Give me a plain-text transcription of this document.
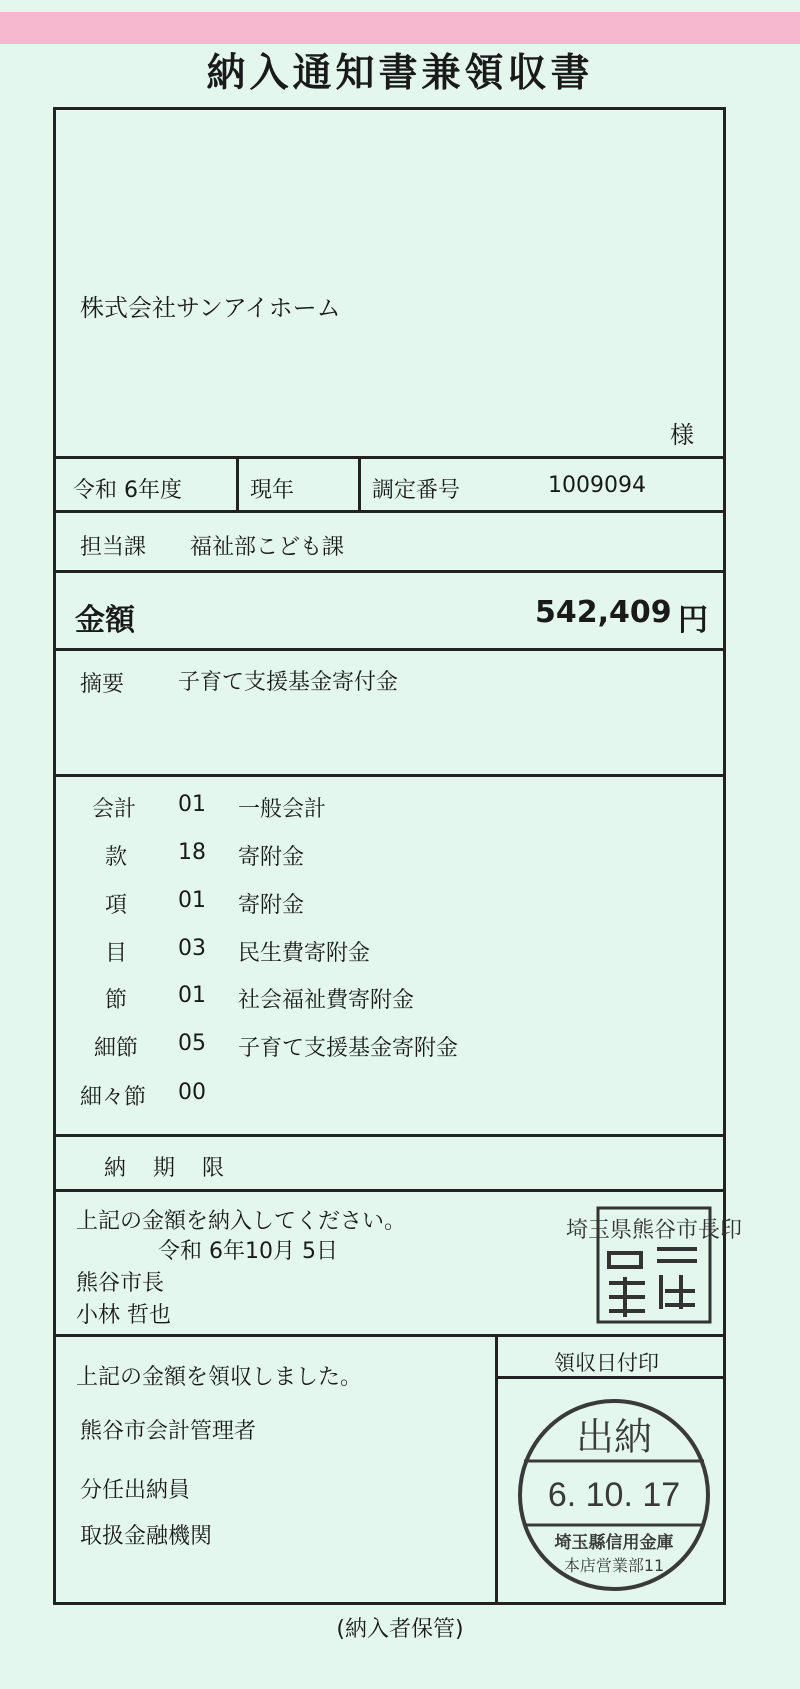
納入通知書兼領収書
株式会社サンアイホーム
様
令和 6年度	現年	調定番号	1009094
担当課 福祉部こども課
金額	542,409 円
摘要 子育て支援基金寄付金
会計 01 一般会計
款 18 寄附金
項 01 寄附金
目 03 民生費寄附金
節 01 社会福祉費寄附金
細節 05 子育て支援基金寄附金
細々節 00
納 期 限
上記の金額を納入してください。
令和 6年10月 5日
熊谷市長
小林 哲也
埼玉県熊谷市長印
領収日付印
上記の金額を領収しました。
熊谷市会計管理者
分任出納員
取扱金融機関
出納
6. 10. 17
埼玉縣信用金庫
本店営業部11
(納入者保管)
